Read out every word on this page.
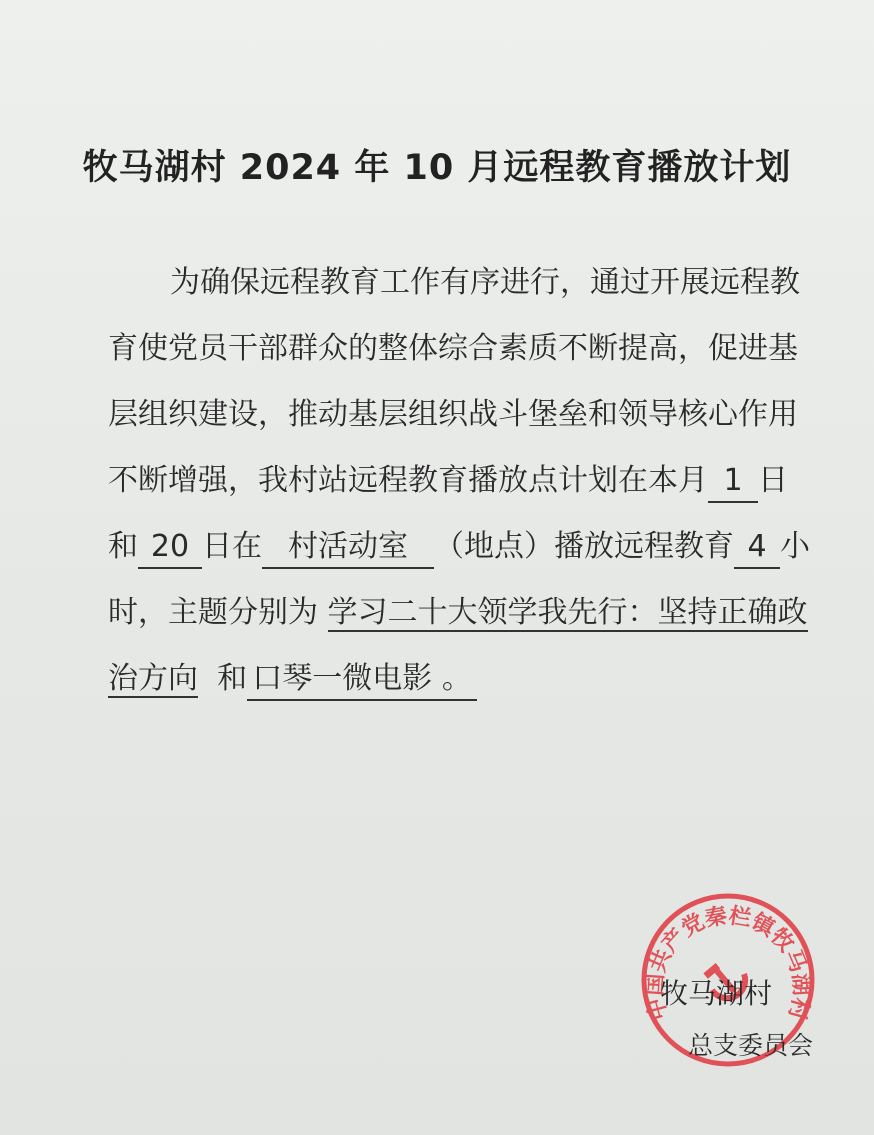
牧马湖村 2024 年 10 月远程教育播放计划
为确保远程教育工作有序进行，通过开展远程教
育使党员干部群众的整体综合素质不断提高，促进基
层组织建设，推动基层组织战斗堡垒和领导核心作用
不断增强，我村站远程教育播放点计划在本月 1 日
和 20 日在 村活动室 （地点）播放远程教育 4 小
时，主题分别为 学习二十大领学我先行：坚持正确政
治方向 和 口琴一微电影 。
中国共产党秦栏镇牧马湖村
牧马湖村
总支委员会
